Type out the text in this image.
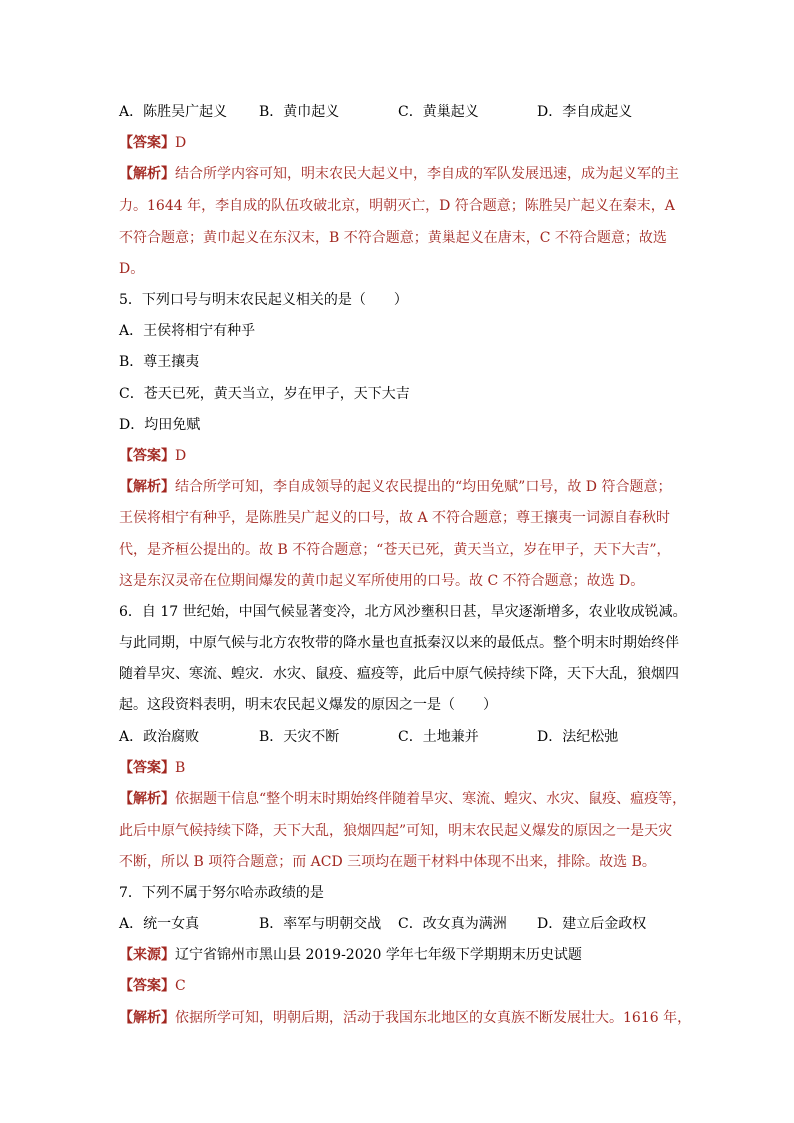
A．陈胜吴广起义 B．黄巾起义	C．黄巢起义	D．李自成起义
【答案】D
【解析】结合所学内容可知，明末农民大起义中，李自成的军队发展迅速，成为起义军的主
力。1644 年，李自成的队伍攻破北京，明朝灭亡，D 符合题意；陈胜吴广起义在秦末，A
不符合题意；黄巾起义在东汉末，B 不符合题意；黄巢起义在唐末，C 不符合题意；故选
D。
5．下列口号与明末农民起义相关的是（　　）
A．王侯将相宁有种乎
B．尊王攘夷
C．苍天已死，黄天当立，岁在甲子，天下大吉
D．均田免赋
【答案】D
【解析】结合所学可知，李自成领导的起义农民提出的“均田免赋”口号，故 D 符合题意；
王侯将相宁有种乎，是陈胜吴广起义的口号，故 A 不符合题意；尊王攘夷一词源自春秋时
代，是齐桓公提出的。故 B 不符合题意；“苍天已死，黄天当立，岁在甲子，天下大吉”，
这是东汉灵帝在位期间爆发的黄巾起义军所使用的口号。故 C 不符合题意；故选 D。
6．自 17 世纪始，中国气候显著变冷，北方风沙壅积日甚，旱灾逐渐增多，农业收成锐减。
与此同期，中原气候与北方农牧带的降水量也直抵秦汉以来的最低点。整个明末时期始终伴
随着旱灾、寒流、蝗灾．水灾、鼠疫、瘟疫等，此后中原气候持续下降，天下大乱，狼烟四
起。这段资料表明，明末农民起义爆发的原因之一是（　　）
A．政治腐败	B．天灾不断	C．土地兼并	D．法纪松弛
【答案】B
【解析】依据题干信息“整个明末时期始终伴随着旱灾、寒流、蝗灾、水灾、鼠疫、瘟疫等，
此后中原气候持续下降，天下大乱，狼烟四起”可知，明末农民起义爆发的原因之一是天灾
不断，所以 B 项符合题意；而 ACD 三项均在题干材料中体现不出来，排除。故选 B。
7．下列不属于努尔哈赤政绩的是
A．统一女真	B．率军与明朝交战 C．改女真为满洲 D．建立后金政权
【来源】辽宁省锦州市黑山县 2019-2020 学年七年级下学期期末历史试题
【答案】C
【解析】依据所学可知，明朝后期，活动于我国东北地区的女真族不断发展壮大。1616 年，
